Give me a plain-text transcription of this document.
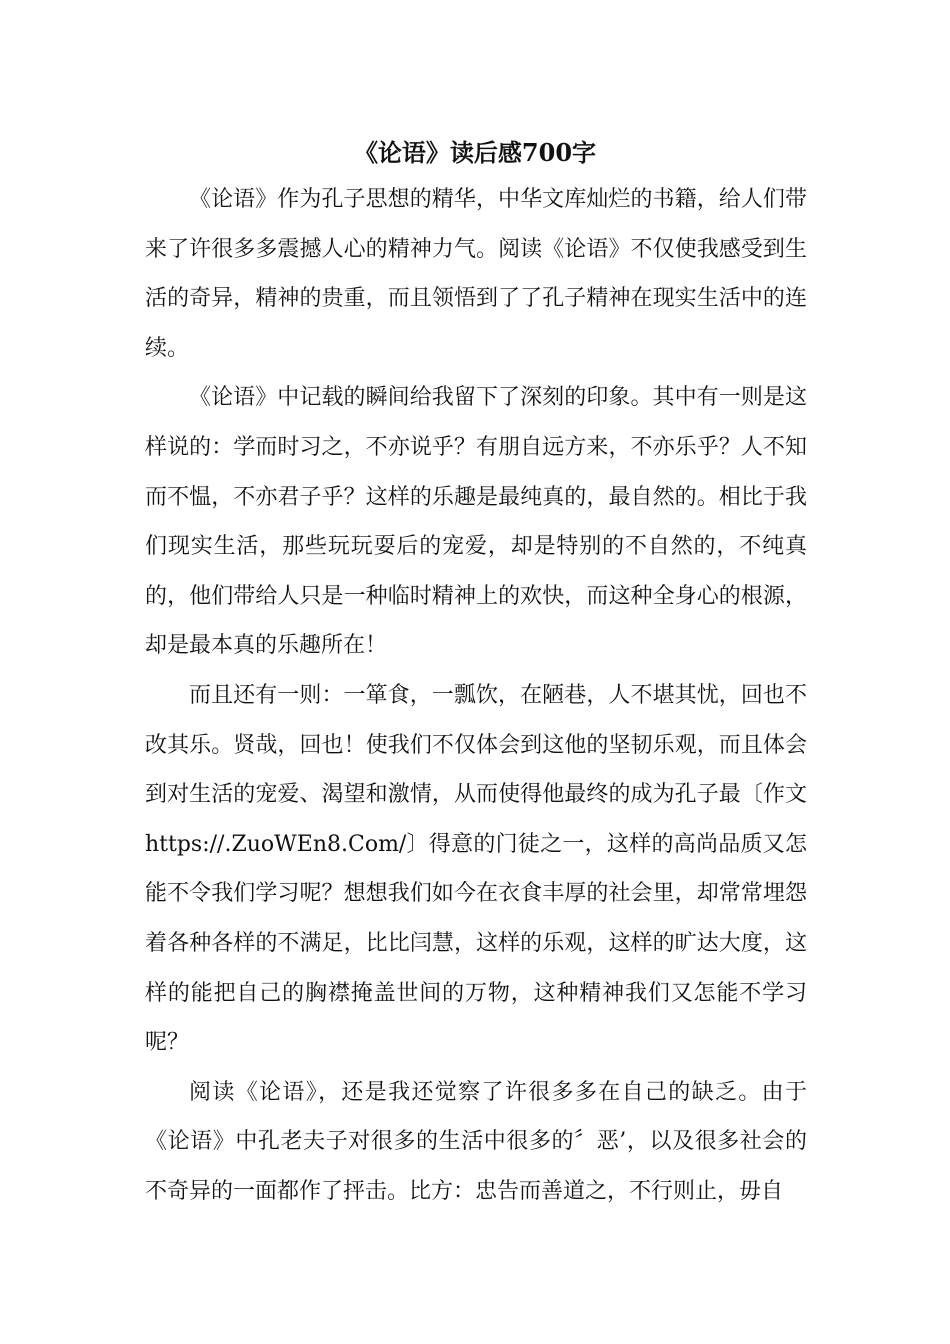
《论语》读后感700字

《论语》作为孔子思想的精华，中华文库灿烂的书籍，给人们带来了许很多多震撼人心的精神力气。阅读《论语》不仅使我感受到生活的奇异，精神的贵重，而且领悟到了了孔子精神在现实生活中的连续。

《论语》中记载的瞬间给我留下了深刻的印象。其中有一则是这样说的：学而时习之，不亦说乎？有朋自远方来，不亦乐乎？人不知而不愠，不亦君子乎？这样的乐趣是最纯真的，最自然的。相比于我们现实生活，那些玩玩耍后的宠爱，却是特别的不自然的，不纯真的，他们带给人只是一种临时精神上的欢快，而这种全身心的根源，却是最本真的乐趣所在！

而且还有一则：一箪食，一瓢饮，在陋巷，人不堪其忧，回也不改其乐。贤哉，回也！使我们不仅体会到这他的坚韧乐观，而且体会到对生活的宠爱、渴望和激情，从而使得他最终的成为孔子最〔作文https://.ZuoWEn8.Com/〕得意的门徒之一，这样的高尚品质又怎能不令我们学习呢？想想我们如今在衣食丰厚的社会里，却常常埋怨着各种各样的不满足，比比闫慧，这样的乐观，这样的旷达大度，这样的能把自己的胸襟掩盖世间的万物，这种精神我们又怎能不学习呢？

阅读《论语》，还是我还觉察了许很多多在自己的缺乏。由于《论语》中孔老夫子对很多的生活中很多的〞恶’，以及很多社会的不奇异的一面都作了抨击。比方：忠告而善道之，不行则止，毋自
